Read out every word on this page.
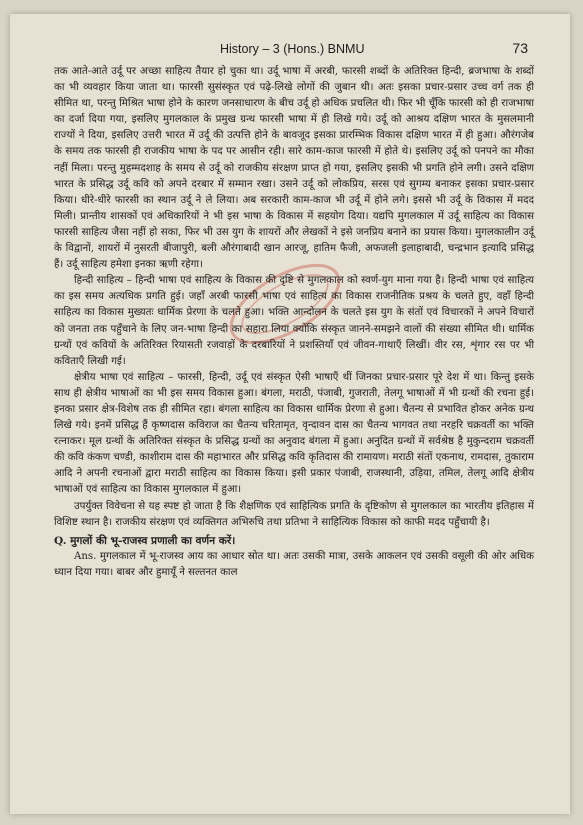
History – 3 (Hons.) BNMU	73

तक आते-आते उर्दू पर अच्छा साहित्य तैयार हो चुका था। उर्दू भाषा में अरबी, फारसी शब्दों के अतिरिक्त हिन्दी, ब्रजभाषा के शब्दों का भी व्यवहार किया जाता था। फारसी सुसंस्कृत एवं पढ़े-लिखे लोगों की जुबान थी। अतः इसका प्रचार-प्रसार उच्च वर्ग तक ही सीमित था, परन्तु मिश्रित भाषा होने के कारण जनसाधारण के बीच उर्दू हो अधिक प्रचलित थी। फिर भी चूँकि फारसी को ही राजभाषा का दर्जा दिया गया, इसलिए मुगलकाल के प्रमुख ग्रन्थ फारसी भाषा में ही लिखे गये। उर्दू को आश्रय दक्षिण भारत के मुसलमानी राज्यों ने दिया, इसलिए उत्तरी भारत में उर्दू की उत्पत्ति होने के बावजूद इसका प्रारम्भिक विकास दक्षिण भारत में ही हुआ। औरंगजेब के समय तक फारसी ही राजकीय भाषा के पद पर आसीन रही। सारे काम-काज फारसी में होते थे। इसलिए उर्दू को पनपने का मौका नहीं मिला। परन्तु मुहम्मदशाह के समय से उर्दू को राजकीय संरक्षण प्राप्त हो गया, इसलिए इसकी भी प्रगति होने लगी। उसने दक्षिण भारत के प्रसिद्ध उर्दू कवि को अपने दरबार में सम्मान रखा। उसने उर्दू को लोकप्रिय, सरस एवं सुगम्य बनाकर इसका प्रचार-प्रसार किया। धीरे-धीरे फारसी का स्थान उर्दू ने ले लिया। अब सरकारी काम-काज भी उर्दू में होने लगे। इससे भी उर्दू के विकास में मदद मिली। प्रान्तीय शासकों एवं अधिकारियों ने भी इस भाषा के विकास में सहयोग दिया। यद्यपि मुगलकाल में उर्दू साहित्य का विकास फारसी साहित्य जैसा नहीं हो सका, फिर भी उस युग के शायरों और लेखकों ने इसे जनप्रिय बनाने का प्रयास किया। मुगलकालीन उर्दू के विद्वानों, शायरों में नुसरती बीजापुरी, बली औरंगाबादी खान आरजू, हातिम फैजी, अफजली इलाहाबादी, चन्द्रभान इत्यादि प्रसिद्ध हैं। उर्दू साहित्य हमेशा इनका ऋणी रहेगा।

हिन्दी साहित्य – हिन्दी भाषा एवं साहित्य के विकास की दृष्टि से मुगलकाल को स्वर्ण-युग माना गया है। हिन्दी भाषा एवं साहित्य का इस समय अत्यधिक प्रगति हुई। जहाँ अरबी फारसी भाषा एवं साहित्य का विकास राजनीतिक प्रश्रय के चलते हुए, वहाँ हिन्दी साहित्य का विकास मुख्यतः धार्मिक प्रेरणा के चलते हुआ। भक्ति आन्दोलन के चलते इस युग के संतों एवं विचारकों ने अपने विचारों को जनता तक पहुँचाने के लिए जन-भाषा हिन्दी का सहारा लिया क्योंकि संस्कृत जानने-समझने वालों की संख्या सीमित थी। धार्मिक ग्रन्थों एवं कवियों के अतिरिक्त रियासती रजवाड़ों के दरबारियों ने प्रशस्तियाँ एवं जीवन-गाथाएँ लिखीं। वीर रस, शृंगार रस पर भी कविताएँ लिखी गई।

क्षेत्रीय भाषा एवं साहित्य – फारसी, हिन्दी, उर्दू एवं संस्कृत ऐसी भाषाएँ थीं जिनका प्रचार-प्रसार पूरे देश में था। किन्तु इसके साथ ही क्षेत्रीय भाषाओं का भी इस समय विकास हुआ। बंगला, मराठी, पंजाबी, गुजराती, तेलगू भाषाओं में भी ग्रन्थों की रचना हुई। इनका प्रसार क्षेत्र-विशेष तक ही सीमित रहा। बंगला साहित्य का विकास धार्मिक प्रेरणा से हुआ। चैतन्य से प्रभावित होकर अनेक ग्रन्थ लिखे गये। इनमें प्रसिद्ध हैं कृष्णदास कविराज का चैतन्य चरितामृत, वृन्दावन दास का चैतन्य भागवत तथा नरहरि चक्रवर्ती का भक्ति रत्नाकर। मूल ग्रन्थों के अतिरिक्त संस्कृत के प्रसिद्ध ग्रन्थों का अनुवाद बंगला में हुआ। अनुदित ग्रन्थों में सर्वश्रेष्ठ है मुकुन्दराम चक्रवर्ती की कवि कंकण चण्डी, काशीराम दास की महाभारत और प्रसिद्ध कवि कृतिदास की रामायण। मराठी संतों एकनाथ, रामदास, तुकाराम आदि ने अपनी रचनाओं द्वारा मराठी साहित्य का विकास किया। इसी प्रकार पंजाबी, राजस्थानी, उड़िया, तमिल, तेलगू आदि क्षेत्रीय भाषाओं एवं साहित्य का विकास मुगलकाल में हुआ।

उपर्युक्त विवेचना से यह स्पष्ट हो जाता है कि शैक्षणिक एवं साहित्यिक प्रगति के दृष्टिकोण से मुगलकाल का भारतीय इतिहास में विशिष्ट स्थान है। राजकीय संरक्षण एवं व्यक्तिगत अभिरुचि तथा प्रतिभा ने साहित्यिक विकास को काफी मदद पहुँचायी है।

Q. मुगलों की भू-राजस्व प्रणाली का वर्णन करें।

Ans. मुगलकाल में भू-राजस्व आय का आधार स्रोत था। अतः उसकी मात्रा, उसके आकलन एवं उसकी वसूली की ओर अधिक ध्यान दिया गया। बाबर और हुमायूँ ने सल्तनत काल
